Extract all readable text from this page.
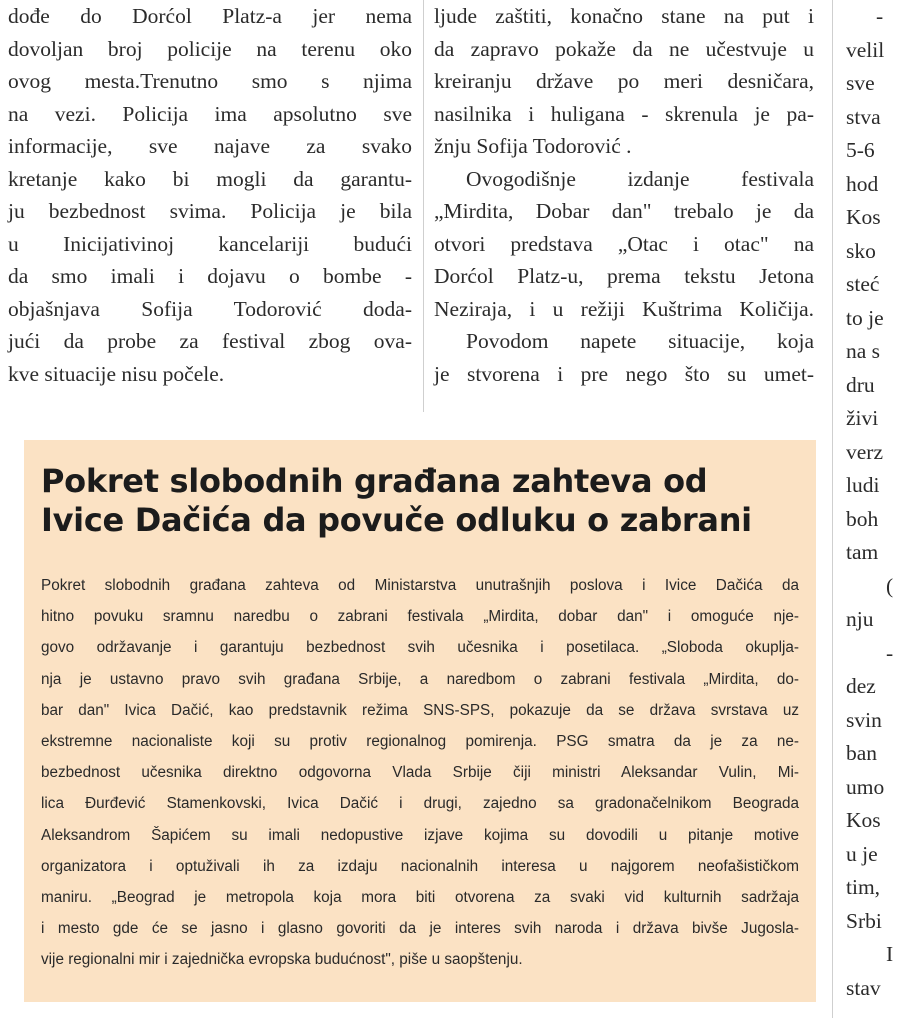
dođe do Dorćol Platz-a jer nema
dovoljan broj policije na terenu oko
ovog mesta.Trenutno smo s njima
na vezi. Policija ima apsolutno sve
informacije, sve najave za svako
kretanje kako bi mogli da garantu-
ju bezbednost svima. Policija je bila
u Inicijativinoj kancelariji budući
da smo imali i dojavu o bombe -
objašnjava Sofija Todorović doda-
jući da probe za festival zbog ova-
kve situacije nisu počele.
ljude zaštiti, konačno stane na put i
da zapravo pokaže da ne učestvuje u
kreiranju države po meri desničara,
nasilnika i huligana - skrenula je pa-
žnju Sofija Todorović .
Ovogodišnje izdanje festivala
„Mirdita, Dobar dan" trebalo je da
otvori predstava „Otac i otac" na
Dorćol Platz-u, prema tekstu Jetona
Neziraja, i u režiji Kuštrima Količija.
Povodom napete situacije, koja
je stvorena i pre nego što su umet-
-
velil
sve
stva
5-6
hod
Kos
sko
steć
to je
na s
dru
živi
verz
ludi
boh
tam
(
nju
-
dez
svin
ban
umo
Kos
u je
tim,
Srbi
I
stav
Pokret slobodnih građana zahteva od
Ivice Dačića da povuče odluku o zabrani
Pokret slobodnih građana zahteva od Ministarstva unutrašnjih poslova i Ivice Dačića da
hitno povuku sramnu naredbu o zabrani festivala „Mirdita, dobar dan" i omoguće nje-
govo održavanje i garantuju bezbednost svih učesnika i posetilaca. „Sloboda okuplja-
nja je ustavno pravo svih građana Srbije, a naredbom o zabrani festivala „Mirdita, do-
bar dan" Ivica Dačić, kao predstavnik režima SNS-SPS, pokazuje da se država svrstava uz
ekstremne nacionaliste koji su protiv regionalnog pomirenja. PSG smatra da je za ne-
bezbednost učesnika direktno odgovorna Vlada Srbije čiji ministri Aleksandar Vulin, Mi-
lica Đurđević Stamenkovski, Ivica Dačić i drugi, zajedno sa gradonačelnikom Beograda
Aleksandrom Šapićem su imali nedopustive izjave kojima su dovodili u pitanje motive
organizatora i optuživali ih za izdaju nacionalnih interesa u najgorem neofašističkom
maniru. „Beograd je metropola koja mora biti otvorena za svaki vid kulturnih sadržaja
i mesto gde će se jasno i glasno govoriti da je interes svih naroda i država bivše Jugosla-
vije regionalni mir i zajednička evropska budućnost", piše u saopštenju.
